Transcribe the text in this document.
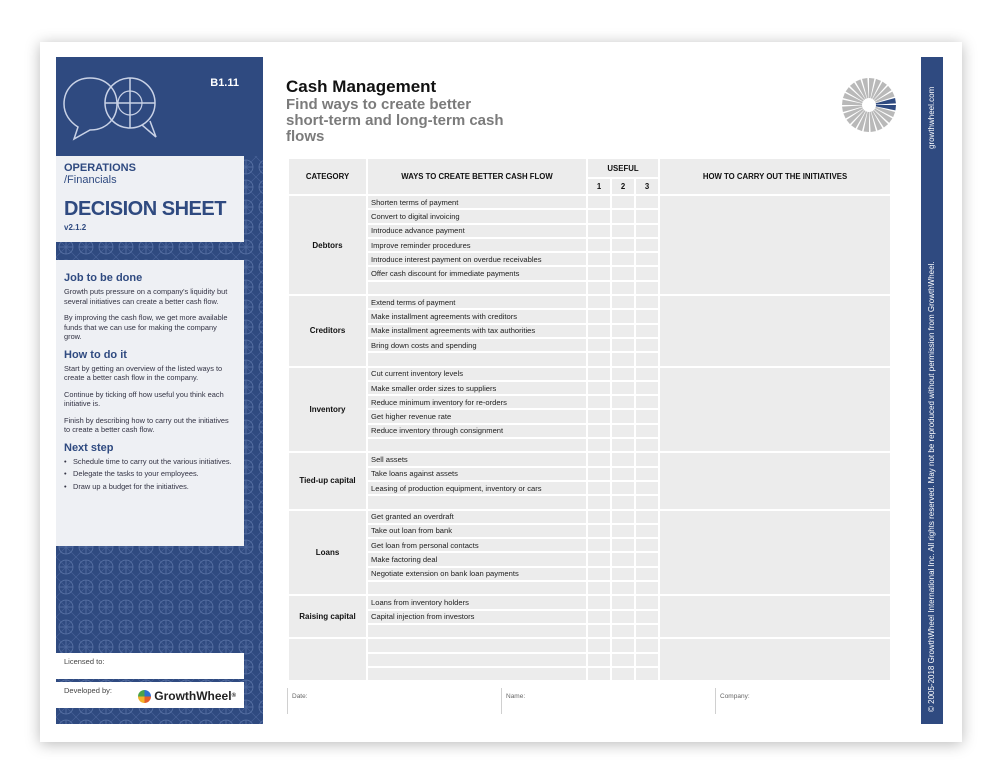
B1.11
OPERATIONS
/Financials
DECISION SHEET
v2.1.2
Job to be done

Growth puts pressure on a company's liquidity but several initiatives can create a better cash flow.

By improving the cash flow, we get more available funds that we can use for making the company grow.

How to do it

Start by getting an overview of the listed ways to create a better cash flow in the company.

Continue by ticking off how useful you think each initiative is.

Finish by describing how to carry out the initiatives to create a better cash flow.

Next step
• Schedule time to carry out the various initiatives.
• Delegate the tasks to your employees.
• Draw up a budget for the initiatives.
Licensed to:
Developed by:	GrowthWheel ®
Cash Management
Find ways to create better short-term and long-term cash flows
CATEGORY	WAYS TO CREATE BETTER CASH FLOW	USEFUL			HOW TO CARRY OUT THE INITIATIVES
		1	2	3	
Debtors	Shorten terms of payment				
	Convert to digital invoicing				
	Introduce advance payment				
	Improve reminder procedures				
	Introduce interest payment on overdue receivables				
	Offer cash discount for immediate payments				

Creditors	Extend terms of payment				
	Make installment agreements with creditors				
	Make installment agreements with tax authorities				
	Bring down costs and spending				

Inventory	Cut current inventory levels				
	Make smaller order sizes to suppliers				
	Reduce minimum inventory for re-orders				
	Get higher revenue rate				
	Reduce inventory through consignment				

Tied-up capital	Sell assets				
	Take loans against assets				
	Leasing of production equipment, inventory or cars				

Loans	Get granted an overdraft				
	Take out loan from bank				
	Get loan from personal contacts				
	Make factoring deal				
	Negotiate extension on bank loan payments				

Raising capital	Loans from inventory holders				
	Capital injection from investors				

Date:	Name:	Company:
growthwheel.com
© 2005-2018 GrowthWheel International Inc. All rights reserved. May not be reproduced without permission from GrowthWheel.
